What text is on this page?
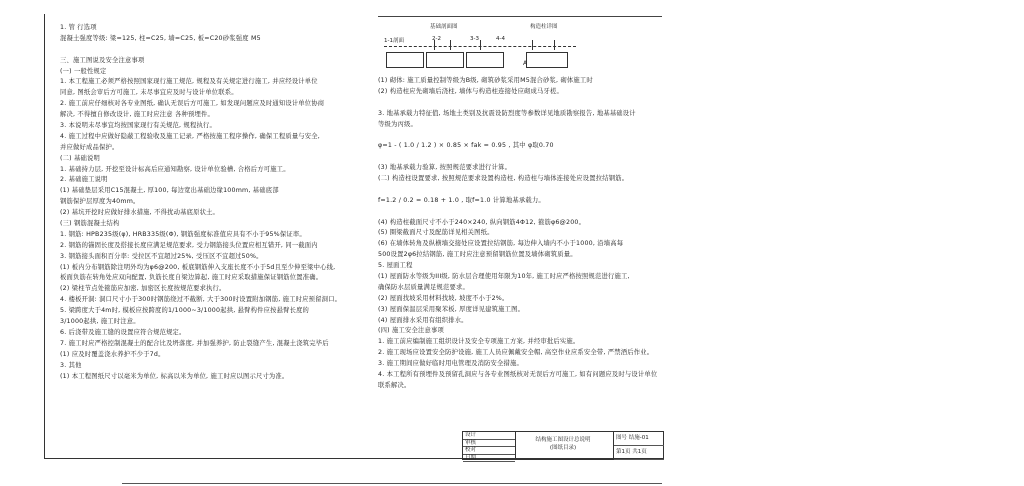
1. 管 行选项
混凝土强度等级: 梁=125, 柱=C25, 墙=C25, 板=C20砂浆强度 M5
三、施工图说及安全注意事项
(一) 一般性规定
1. 本工程施工必须严格按照国家现行施工规范, 规程及有关规定进行施工, 并应经设计单位
同意, 图纸会审后方可施工, 未尽事宜应及时与设计单位联系。
2. 施工前应仔细核对各专业图纸, 确认无误后方可施工, 如发现问题应及时通知设计单位协商
解决, 不得擅自修改设计, 施工时应注意 各种预埋件。
3. 本说明未尽事宜均按国家现行有关规范, 规程执行。
4. 施工过程中应做好隐蔽工程验收及施工记录, 严格按施工程序操作, 确保工程质量与安全,
并应做好成品保护。
(二) 基础说明
1. 基础持力层, 开挖至设计标高后应通知勘察, 设计单位验槽, 合格后方可施工。
2. 基础施工说明
(1) 基础垫层采用C15混凝土, 厚100, 每边宽出基础边缘100mm, 基础底部
钢筋保护层厚度为40mm。
(2) 基坑开挖时应做好排水措施, 不得扰动基底原状土。
(三) 钢筋混凝土结构
1. 钢筋: HPB235级(φ), HRB335级(Φ), 钢筋强度标准值应具有不小于95%保证率。
2. 钢筋的锚固长度及搭接长度应满足规范要求, 受力钢筋接头位置应相互错开, 同一截面内
3. 钢筋接头面积百分率: 受拉区不宜超过25%, 受压区不宜超过50%。
(1) 板内分布钢筋除注明外均为φ6@200, 板底钢筋伸入支座长度不小于5d且至少伸至梁中心线,
板面负筋在转角处应双向配置, 负筋长度自梁边算起, 施工时应采取措施保证钢筋位置准确。
(2) 梁柱节点处箍筋应加密, 加密区长度按规范要求执行。
4. 楼板开洞: 洞口尺寸小于300时钢筋绕过不截断, 大于300时设置附加钢筋, 施工时应预留洞口。
5. 梁跨度大于4m时, 模板应按跨度的1/1000~3/1000起拱, 悬臂构件应按悬臂长度的
3/1000起拱, 施工时注意。
6. 后浇带及施工缝的设置应符合规范规定。
7. 施工时应严格控制混凝土的配合比及坍落度, 并加强养护, 防止裂缝产生, 混凝土浇筑完毕后
(1) 应及时覆盖浇水养护不少于7d。
3. 其他
(1) 本工程图纸尺寸以毫米为单位, 标高以米为单位, 施工时应以图示尺寸为准。
基础剖面图	构造柱详图
1-1剖面	2-2	3-3	4-4
A
(1) 砌体: 施工质量控制等级为B级, 砌筑砂浆采用M5混合砂浆, 砌体施工时
(2) 构造柱应先砌墙后浇柱, 墙体与构造柱连接处应砌成马牙槎。
3. 地基承载力特征值, 场地土类别及抗震设防烈度等参数详见地质勘察报告, 地基基础设计
等级为丙级。
φ=1 - ( 1.0 / 1.2 ) × 0.85 × fak = 0.95 , 其中 φ取0.70
(3) 地基承载力验算, 按照规范要求进行计算。
(二) 构造柱设置要求, 按照规范要求设置构造柱, 构造柱与墙体连接处应设置拉结钢筋。
f=1.2 / 0.2 = 0.18 + 1.0 , 取f=1.0 计算地基承载力。
(4) 构造柱截面尺寸不小于240×240, 纵向钢筋4Φ12, 箍筋φ6@200。
(5) 圈梁截面尺寸及配筋详见相关图纸。
(6) 在墙体转角及纵横墙交接处应设置拉结钢筋, 每边伸入墙内不小于1000, 沿墙高每
500设置2φ6拉结钢筋, 施工时应注意预留钢筋位置及墙体砌筑质量。
5. 屋面工程
(1) 屋面防水等级为III级, 防水层合理使用年限为10年, 施工时应严格按照规范进行施工,
确保防水层质量满足规范要求。
(2) 屋面找坡采用材料找坡, 坡度不小于2%。
(3) 屋面保温层采用聚苯板, 厚度详见建筑施工图。
(4) 屋面排水采用有组织排水。
(四) 施工安全注意事项
1. 施工前应编制施工组织设计及安全专项施工方案, 并经审批后实施。
2. 施工现场应设置安全防护设施, 施工人员应佩戴安全帽, 高空作业应系安全带, 严禁酒后作业。
3. 施工期间应做好临时用电管理及消防安全措施。
4. 本工程所有预埋件及预留孔洞应与各专业图纸核对无误后方可施工, 如有问题应及时与设计单位
联系解决。
设计
审核
校对
日期
结构施工图设计总说明
(图纸目录)
图号 结施-01
第1页 共1页
